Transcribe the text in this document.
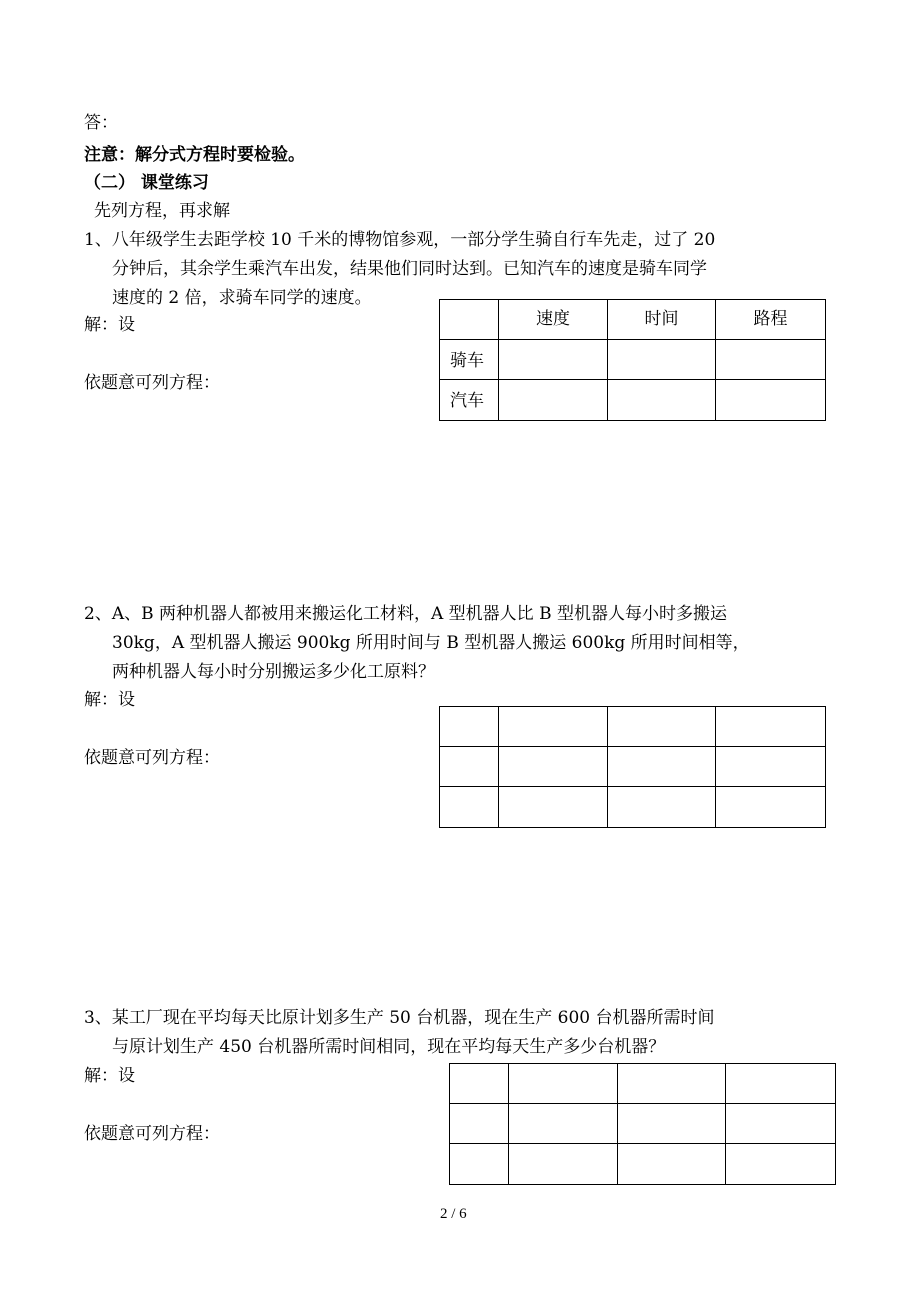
答：
注意：解分式方程时要检验。
（二） 课堂练习
先列方程，再求解
1、八年级学生去距学校 10 千米的博物馆参观，一部分学生骑自行车先走，过了 20
分钟后，其余学生乘汽车出发，结果他们同时达到。已知汽车的速度是骑车同学
速度的 2 倍，求骑车同学的速度。
解：设
依题意可列方程：
	速度	时间	路程
骑车			
汽车			
2、A、B 两种机器人都被用来搬运化工材料，A 型机器人比 B 型机器人每小时多搬运
30kg，A 型机器人搬运 900kg 所用时间与 B 型机器人搬运 600kg 所用时间相等，
两种机器人每小时分别搬运多少化工原料？
解：设
依题意可列方程：

3、某工厂现在平均每天比原计划多生产 50 台机器，现在生产 600 台机器所需时间
与原计划生产 450 台机器所需时间相同，现在平均每天生产多少台机器？
解：设
依题意可列方程：

2 / 6
